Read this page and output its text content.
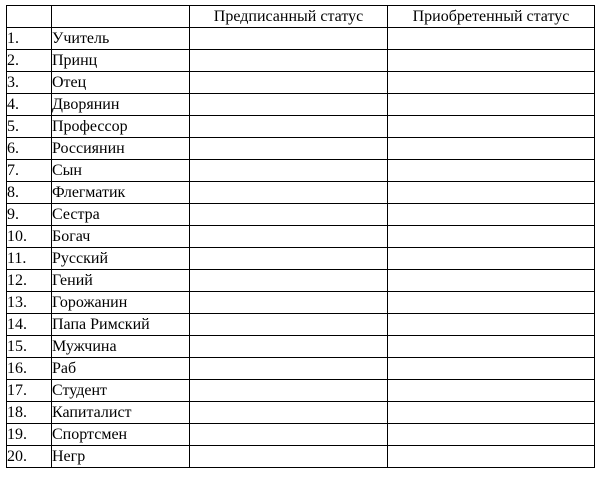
		Предписанный статус	Приобретенный статус
1.	Учитель		
2.	Принц		
3.	Отец		
4.	Дворянин		
5.	Профессор		
6.	Россиянин		
7.	Сын		
8.	Флегматик		
9.	Сестра		
10.	Богач		
11.	Русский		
12.	Гений		
13.	Горожанин		
14.	Папа Римский		
15.	Мужчина		
16.	Раб		
17.	Студент		
18.	Капиталист		
19.	Спортсмен		
20.	Негр		
